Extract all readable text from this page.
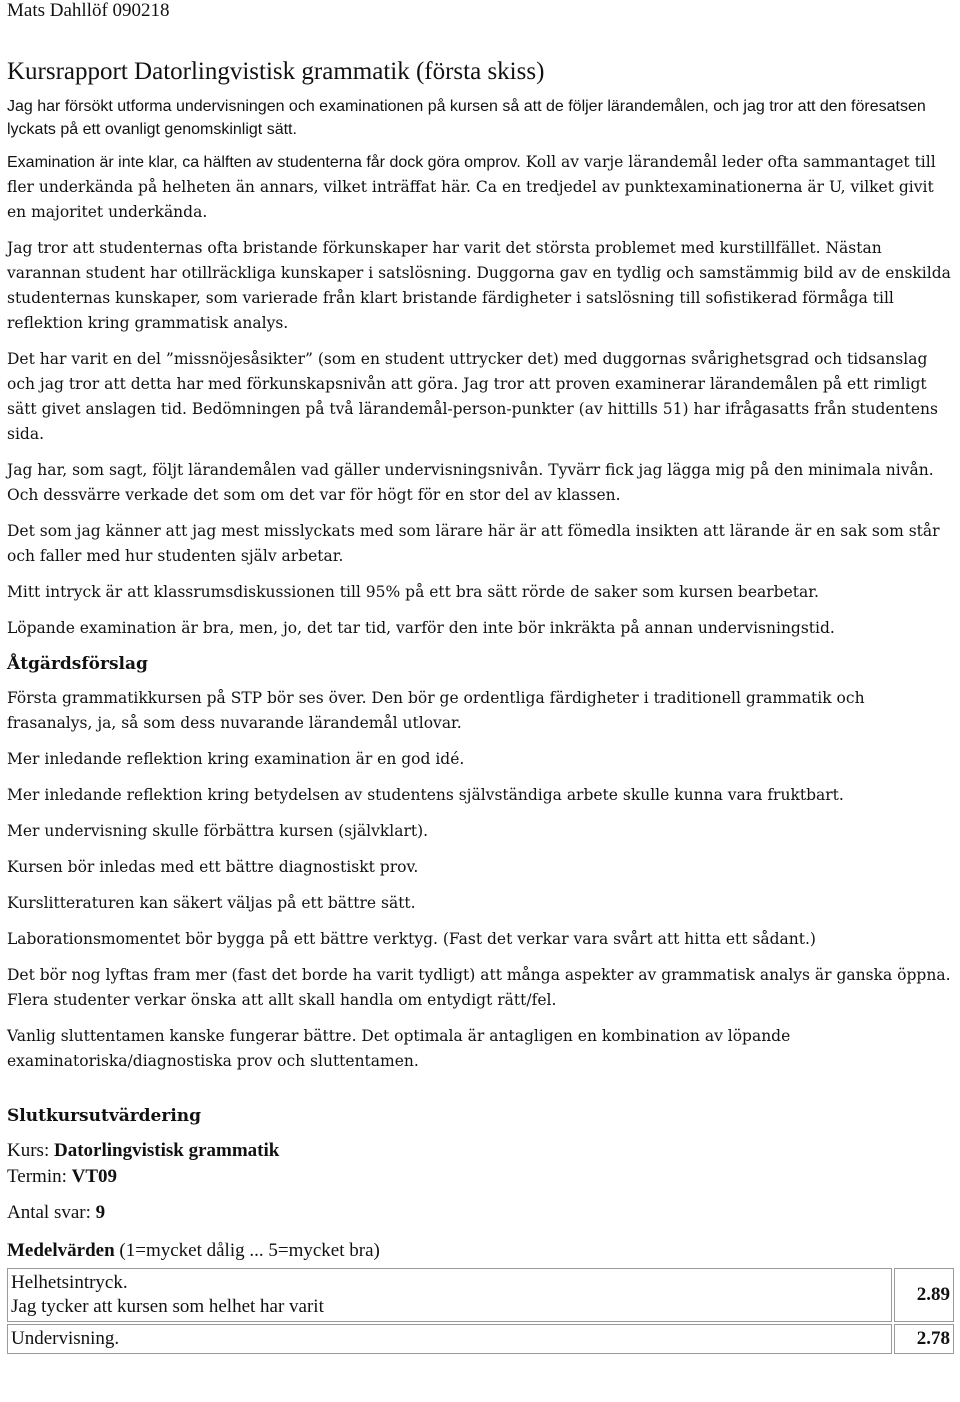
Mats Dahllöf 090218
Kursrapport Datorlingvistisk grammatik (första skiss)

Jag har försökt utforma undervisningen och examinationen på kursen så att de följer lärandemålen, och jag tror att den föresatsen lyckats på ett ovanligt genomskinligt sätt.

Examination är inte klar, ca hälften av studenterna får dock göra omprov. Koll av varje lärandemål leder ofta sammantaget till fler underkända på helheten än annars, vilket inträffat här. Ca en tredjedel av punktexaminationerna är U, vilket givit en majoritet underkända.

Jag tror att studenternas ofta bristande förkunskaper har varit det största problemet med kurstillfället. Nästan varannan student har otillräckliga kunskaper i satslösning. Duggorna gav en tydlig och samstämmig bild av de enskilda studenternas kunskaper, som varierade från klart bristande färdigheter i satslösning till sofistikerad förmåga till reflektion kring grammatisk analys.

Det har varit en del ”missnöjesåsikter” (som en student uttrycker det) med duggornas svårighetsgrad och tidsanslag och jag tror att detta har med förkunskapsnivån att göra. Jag tror att proven examinerar lärandemålen på ett rimligt sätt givet anslagen tid. Bedömningen på två lärandemål-person-punkter (av hittills 51) har ifrågasatts från studentens sida.

Jag har, som sagt, följt lärandemålen vad gäller undervisningsnivån. Tyvärr fick jag lägga mig på den minimala nivån. Och dessvärre verkade det som om det var för högt för en stor del av klassen.

Det som jag känner att jag mest misslyckats med som lärare här är att fömedla insikten att lärande är en sak som står och faller med hur studenten själv arbetar.

Mitt intryck är att klassrumsdiskussionen till 95% på ett bra sätt rörde de saker som kursen bearbetar.

Löpande examination är bra, men, jo, det tar tid, varför den inte bör inkräkta på annan undervisningstid.

Åtgärdsförslag

Första grammatikkursen på STP bör ses över. Den bör ge ordentliga färdigheter i traditionell grammatik och frasanalys, ja, så som dess nuvarande lärandemål utlovar.

Mer inledande reflektion kring examination är en god idé.

Mer inledande reflektion kring betydelsen av studentens självständiga arbete skulle kunna vara fruktbart.

Mer undervisning skulle förbättra kursen (självklart).

Kursen bör inledas med ett bättre diagnostiskt prov.

Kurslitteraturen kan säkert väljas på ett bättre sätt.

Laborationsmomentet bör bygga på ett bättre verktyg. (Fast det verkar vara svårt att hitta ett sådant.)

Det bör nog lyftas fram mer (fast det borde ha varit tydligt) att många aspekter av grammatisk analys är ganska öppna. Flera studenter verkar önska att allt skall handla om entydigt rätt/fel.

Vanlig sluttentamen kanske fungerar bättre. Det optimala är antagligen en kombination av löpande examinatoriska/diagnostiska prov och sluttentamen.

Slutkursutvärdering
Kurs: Datorlingvistisk grammatik
Termin: VT09
Antal svar: 9
Medelvärden (1=mycket dålig ... 5=mycket bra)
Helhetsintryck.
Jag tycker att kursen som helhet har varit	2.89

Undervisning.	2.78
